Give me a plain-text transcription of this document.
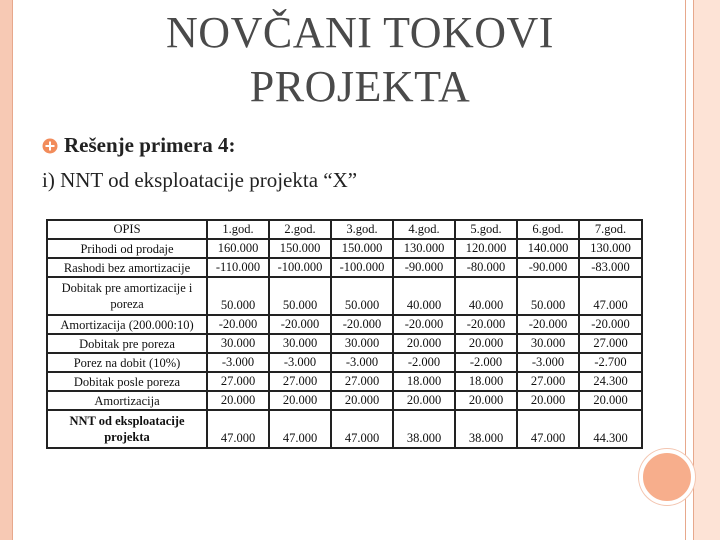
NOVČANI TOKOVI
PROJEKTA
Rešenje primera 4:
i) NNT od eksploatacije projekta “X”
OPIS	1.god.	2.god.	3.god.	4.god.	5.god.	6.god.	7.god.
Prihodi od prodaje	160.000	150.000	150.000	130.000	120.000	140.000	130.000
Rashodi bez amortizacije	-110.000	-100.000	-100.000	-90.000	-80.000	-90.000	-83.000
Dobitak pre amortizacije i poreza	50.000	50.000	50.000	40.000	40.000	50.000	47.000
Amortizacija (200.000:10)	-20.000	-20.000	-20.000	-20.000	-20.000	-20.000	-20.000
Dobitak pre poreza	30.000	30.000	30.000	20.000	20.000	30.000	27.000
Porez na dobit (10%)	-3.000	-3.000	-3.000	-2.000	-2.000	-3.000	-2.700
Dobitak posle poreza	27.000	27.000	27.000	18.000	18.000	27.000	24.300
Amortizacija	20.000	20.000	20.000	20.000	20.000	20.000	20.000
NNT od eksploatacije projekta	47.000	47.000	47.000	38.000	38.000	47.000	44.300
